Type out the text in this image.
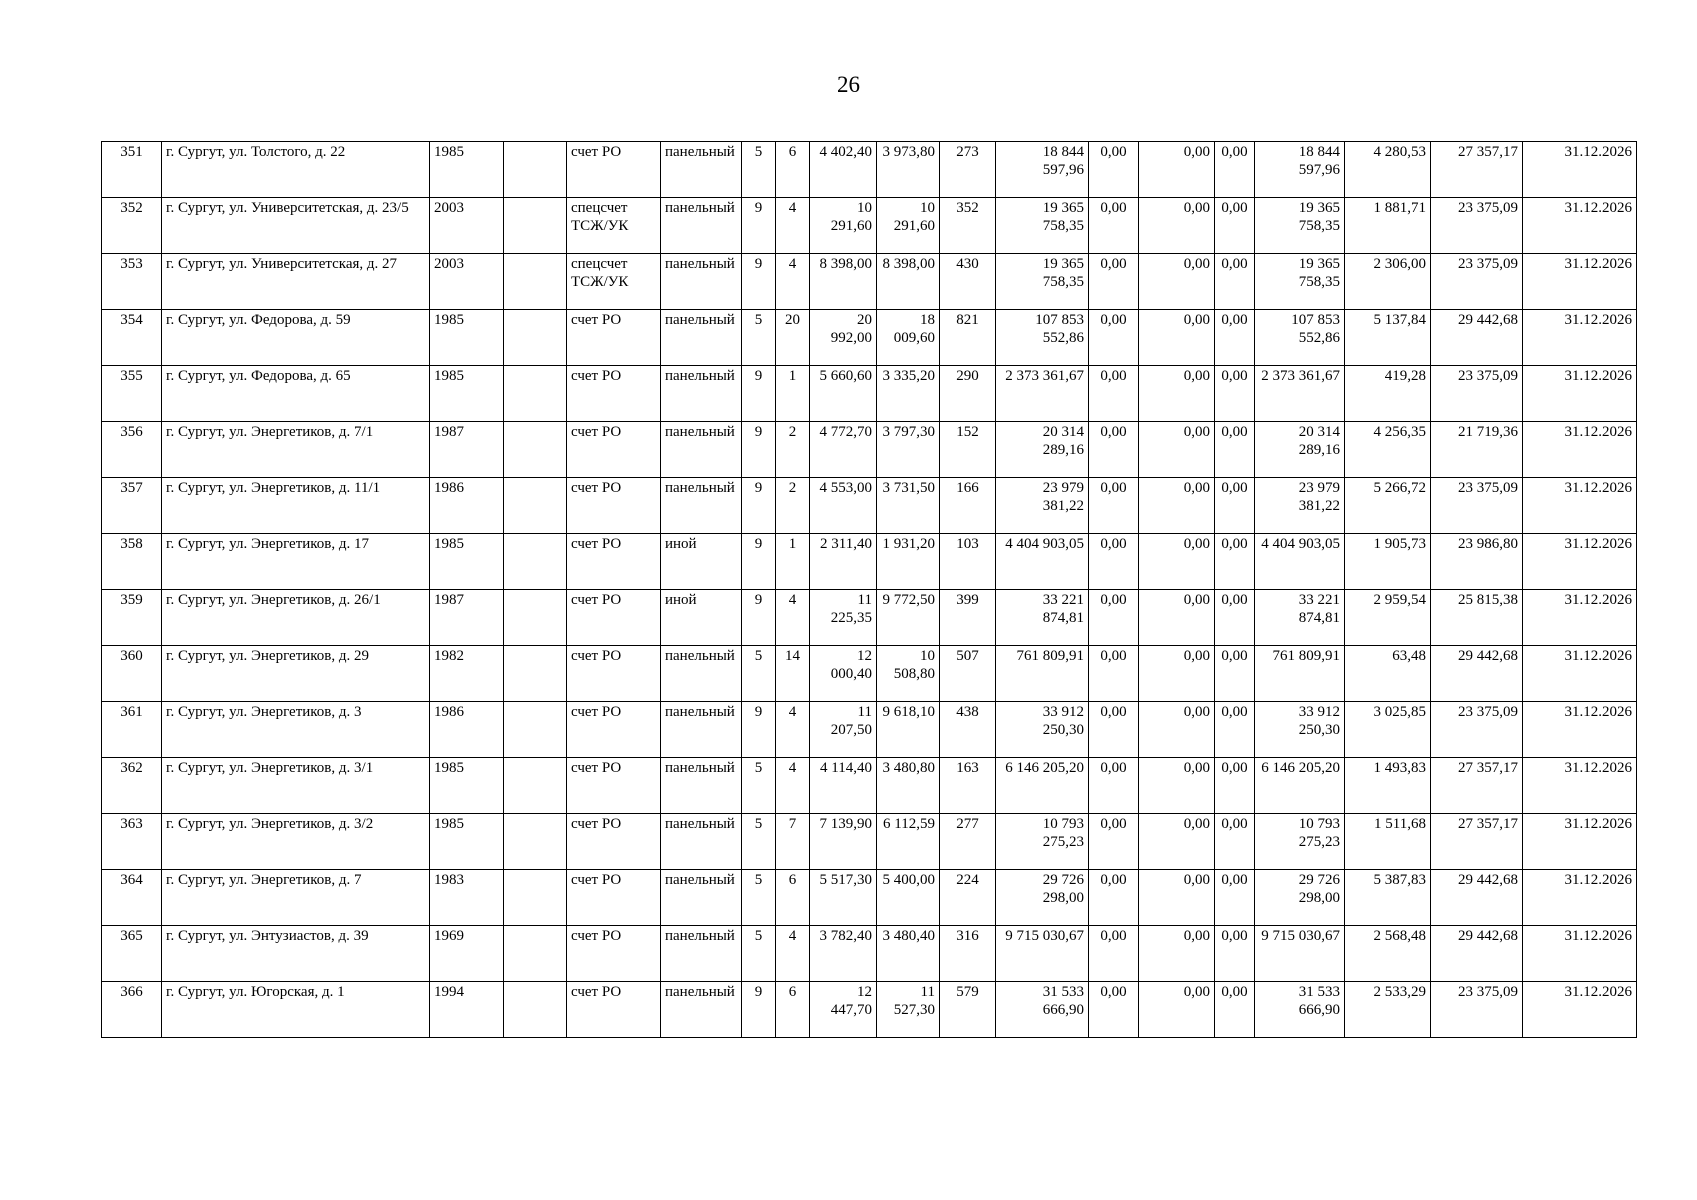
26
351	г. Сургут, ул. Толстого, д. 22	1985		счет РО	панельный	5	6	4 402,40	3 973,80	273	18 844 597,96	0,00	0,00	0,00	18 844 597,96	4 280,53	27 357,17	31.12.2026
352	г. Сургут, ул. Университетская, д. 23/5	2003		спецсчет ТСЖ/УК	панельный	9	4	10 291,60	10 291,60	352	19 365 758,35	0,00	0,00	0,00	19 365 758,35	1 881,71	23 375,09	31.12.2026
353	г. Сургут, ул. Университетская, д. 27	2003		спецсчет ТСЖ/УК	панельный	9	4	8 398,00	8 398,00	430	19 365 758,35	0,00	0,00	0,00	19 365 758,35	2 306,00	23 375,09	31.12.2026
354	г. Сургут, ул. Федорова, д. 59	1985		счет РО	панельный	5	20	20 992,00	18 009,60	821	107 853 552,86	0,00	0,00	0,00	107 853 552,86	5 137,84	29 442,68	31.12.2026
355	г. Сургут, ул. Федорова, д. 65	1985		счет РО	панельный	9	1	5 660,60	3 335,20	290	2 373 361,67	0,00	0,00	0,00	2 373 361,67	419,28	23 375,09	31.12.2026
356	г. Сургут, ул. Энергетиков, д. 7/1	1987		счет РО	панельный	9	2	4 772,70	3 797,30	152	20 314 289,16	0,00	0,00	0,00	20 314 289,16	4 256,35	21 719,36	31.12.2026
357	г. Сургут, ул. Энергетиков, д. 11/1	1986		счет РО	панельный	9	2	4 553,00	3 731,50	166	23 979 381,22	0,00	0,00	0,00	23 979 381,22	5 266,72	23 375,09	31.12.2026
358	г. Сургут, ул. Энергетиков, д. 17	1985		счет РО	иной	9	1	2 311,40	1 931,20	103	4 404 903,05	0,00	0,00	0,00	4 404 903,05	1 905,73	23 986,80	31.12.2026
359	г. Сургут, ул. Энергетиков, д. 26/1	1987		счет РО	иной	9	4	11 225,35	9 772,50	399	33 221 874,81	0,00	0,00	0,00	33 221 874,81	2 959,54	25 815,38	31.12.2026
360	г. Сургут, ул. Энергетиков, д. 29	1982		счет РО	панельный	5	14	12 000,40	10 508,80	507	761 809,91	0,00	0,00	0,00	761 809,91	63,48	29 442,68	31.12.2026
361	г. Сургут, ул. Энергетиков, д. 3	1986		счет РО	панельный	9	4	11 207,50	9 618,10	438	33 912 250,30	0,00	0,00	0,00	33 912 250,30	3 025,85	23 375,09	31.12.2026
362	г. Сургут, ул. Энергетиков, д. 3/1	1985		счет РО	панельный	5	4	4 114,40	3 480,80	163	6 146 205,20	0,00	0,00	0,00	6 146 205,20	1 493,83	27 357,17	31.12.2026
363	г. Сургут, ул. Энергетиков, д. 3/2	1985		счет РО	панельный	5	7	7 139,90	6 112,59	277	10 793 275,23	0,00	0,00	0,00	10 793 275,23	1 511,68	27 357,17	31.12.2026
364	г. Сургут, ул. Энергетиков, д. 7	1983		счет РО	панельный	5	6	5 517,30	5 400,00	224	29 726 298,00	0,00	0,00	0,00	29 726 298,00	5 387,83	29 442,68	31.12.2026
365	г. Сургут, ул. Энтузиастов, д. 39	1969		счет РО	панельный	5	4	3 782,40	3 480,40	316	9 715 030,67	0,00	0,00	0,00	9 715 030,67	2 568,48	29 442,68	31.12.2026
366	г. Сургут, ул. Югорская, д. 1	1994		счет РО	панельный	9	6	12 447,70	11 527,30	579	31 533 666,90	0,00	0,00	0,00	31 533 666,90	2 533,29	23 375,09	31.12.2026
